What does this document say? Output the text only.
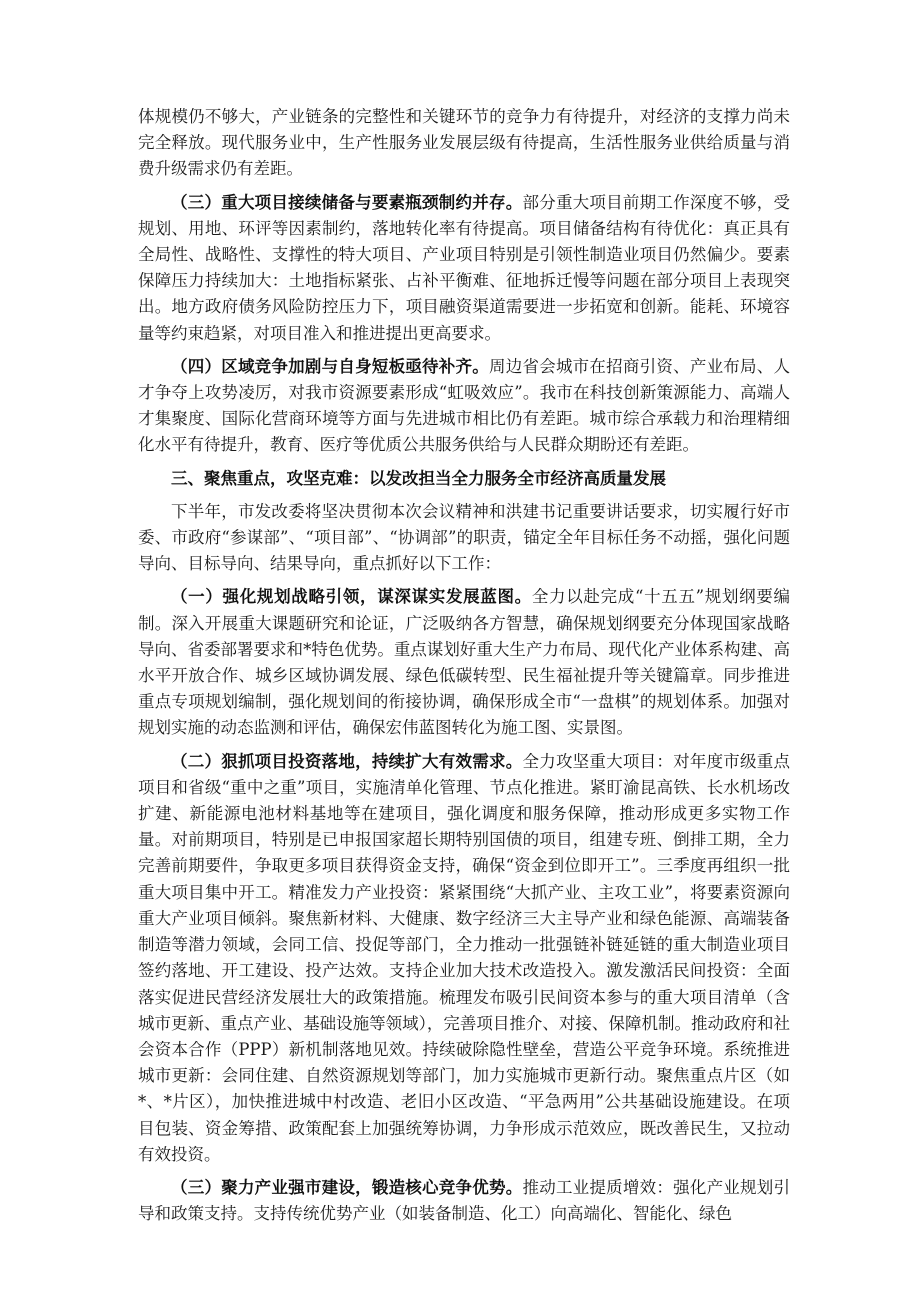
体规模仍不够大，产业链条的完整性和关键环节的竞争力有待提升，对经济的支撑力尚未完全释放。现代服务业中，生产性服务业发展层级有待提高，生活性服务业供给质量与消费升级需求仍有差距。

（三）重大项目接续储备与要素瓶颈制约并存。部分重大项目前期工作深度不够，受规划、用地、环评等因素制约，落地转化率有待提高。项目储备结构有待优化：真正具有全局性、战略性、支撑性的特大项目、产业项目特别是引领性制造业项目仍然偏少。要素保障压力持续加大：土地指标紧张、占补平衡难、征地拆迁慢等问题在部分项目上表现突出。地方政府债务风险防控压力下，项目融资渠道需要进一步拓宽和创新。能耗、环境容量等约束趋紧，对项目准入和推进提出更高要求。

（四）区域竞争加剧与自身短板亟待补齐。周边省会城市在招商引资、产业布局、人才争夺上攻势凌厉，对我市资源要素形成“虹吸效应”。我市在科技创新策源能力、高端人才集聚度、国际化营商环境等方面与先进城市相比仍有差距。城市综合承载力和治理精细化水平有待提升，教育、医疗等优质公共服务供给与人民群众期盼还有差距。

三、聚焦重点，攻坚克难：以发改担当全力服务全市经济高质量发展

下半年，市发改委将坚决贯彻本次会议精神和洪建书记重要讲话要求，切实履行好市委、市政府“参谋部”、“项目部”、“协调部”的职责，锚定全年目标任务不动摇，强化问题导向、目标导向、结果导向，重点抓好以下工作：

（一）强化规划战略引领，谋深谋实发展蓝图。全力以赴完成“十五五”规划纲要编制。深入开展重大课题研究和论证，广泛吸纳各方智慧，确保规划纲要充分体现国家战略导向、省委部署要求和*特色优势。重点谋划好重大生产力布局、现代化产业体系构建、高水平开放合作、城乡区域协调发展、绿色低碳转型、民生福祉提升等关键篇章。同步推进重点专项规划编制，强化规划间的衔接协调，确保形成全市“一盘棋”的规划体系。加强对规划实施的动态监测和评估，确保宏伟蓝图转化为施工图、实景图。

（二）狠抓项目投资落地，持续扩大有效需求。全力攻坚重大项目：对年度市级重点项目和省级“重中之重”项目，实施清单化管理、节点化推进。紧盯渝昆高铁、长水机场改扩建、新能源电池材料基地等在建项目，强化调度和服务保障，推动形成更多实物工作量。对前期项目，特别是已申报国家超长期特别国债的项目，组建专班、倒排工期，全力完善前期要件，争取更多项目获得资金支持，确保“资金到位即开工”。三季度再组织一批重大项目集中开工。精准发力产业投资：紧紧围绕“大抓产业、主攻工业”，将要素资源向重大产业项目倾斜。聚焦新材料、大健康、数字经济三大主导产业和绿色能源、高端装备制造等潜力领域，会同工信、投促等部门，全力推动一批强链补链延链的重大制造业项目签约落地、开工建设、投产达效。支持企业加大技术改造投入。激发激活民间投资：全面落实促进民营经济发展壮大的政策措施。梳理发布吸引民间资本参与的重大项目清单（含城市更新、重点产业、基础设施等领域），完善项目推介、对接、保障机制。推动政府和社会资本合作（PPP）新机制落地见效。持续破除隐性壁垒，营造公平竞争环境。系统推进城市更新：会同住建、自然资源规划等部门，加力实施城市更新行动。聚焦重点片区（如*、*片区），加快推进城中村改造、老旧小区改造、“平急两用”公共基础设施建设。在项目包装、资金筹措、政策配套上加强统筹协调，力争形成示范效应，既改善民生，又拉动有效投资。

（三）聚力产业强市建设，锻造核心竞争优势。推动工业提质增效：强化产业规划引导和政策支持。支持传统优势产业（如装备制造、化工）向高端化、智能化、绿色
